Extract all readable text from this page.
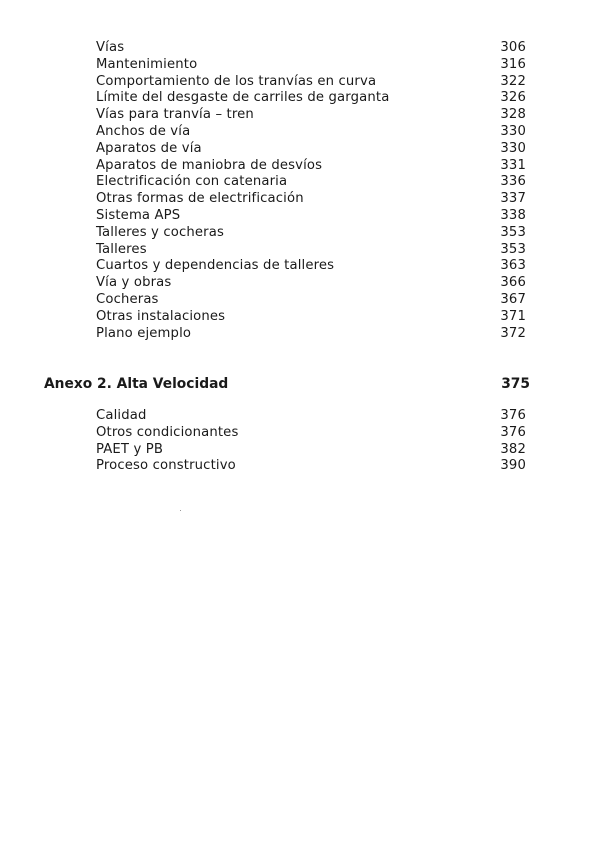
Vías	306
Mantenimiento	316
Comportamiento de los tranvías en curva	322
Límite del desgaste de carriles de garganta	326
Vías para tranvía – tren	328
Anchos de vía	330
Aparatos de vía	330
Aparatos de maniobra de desvíos	331
Electrificación con catenaria	336
Otras formas de electrificación	337
Sistema APS	338
Talleres y cocheras	353
Talleres	353
Cuartos y dependencias de talleres	363
Vía y obras	366
Cocheras	367
Otras instalaciones	371
Plano ejemplo	372
Anexo 2. Alta Velocidad	375
Calidad	376
Otros condicionantes	376
PAET y PB	382
Proceso constructivo	390
